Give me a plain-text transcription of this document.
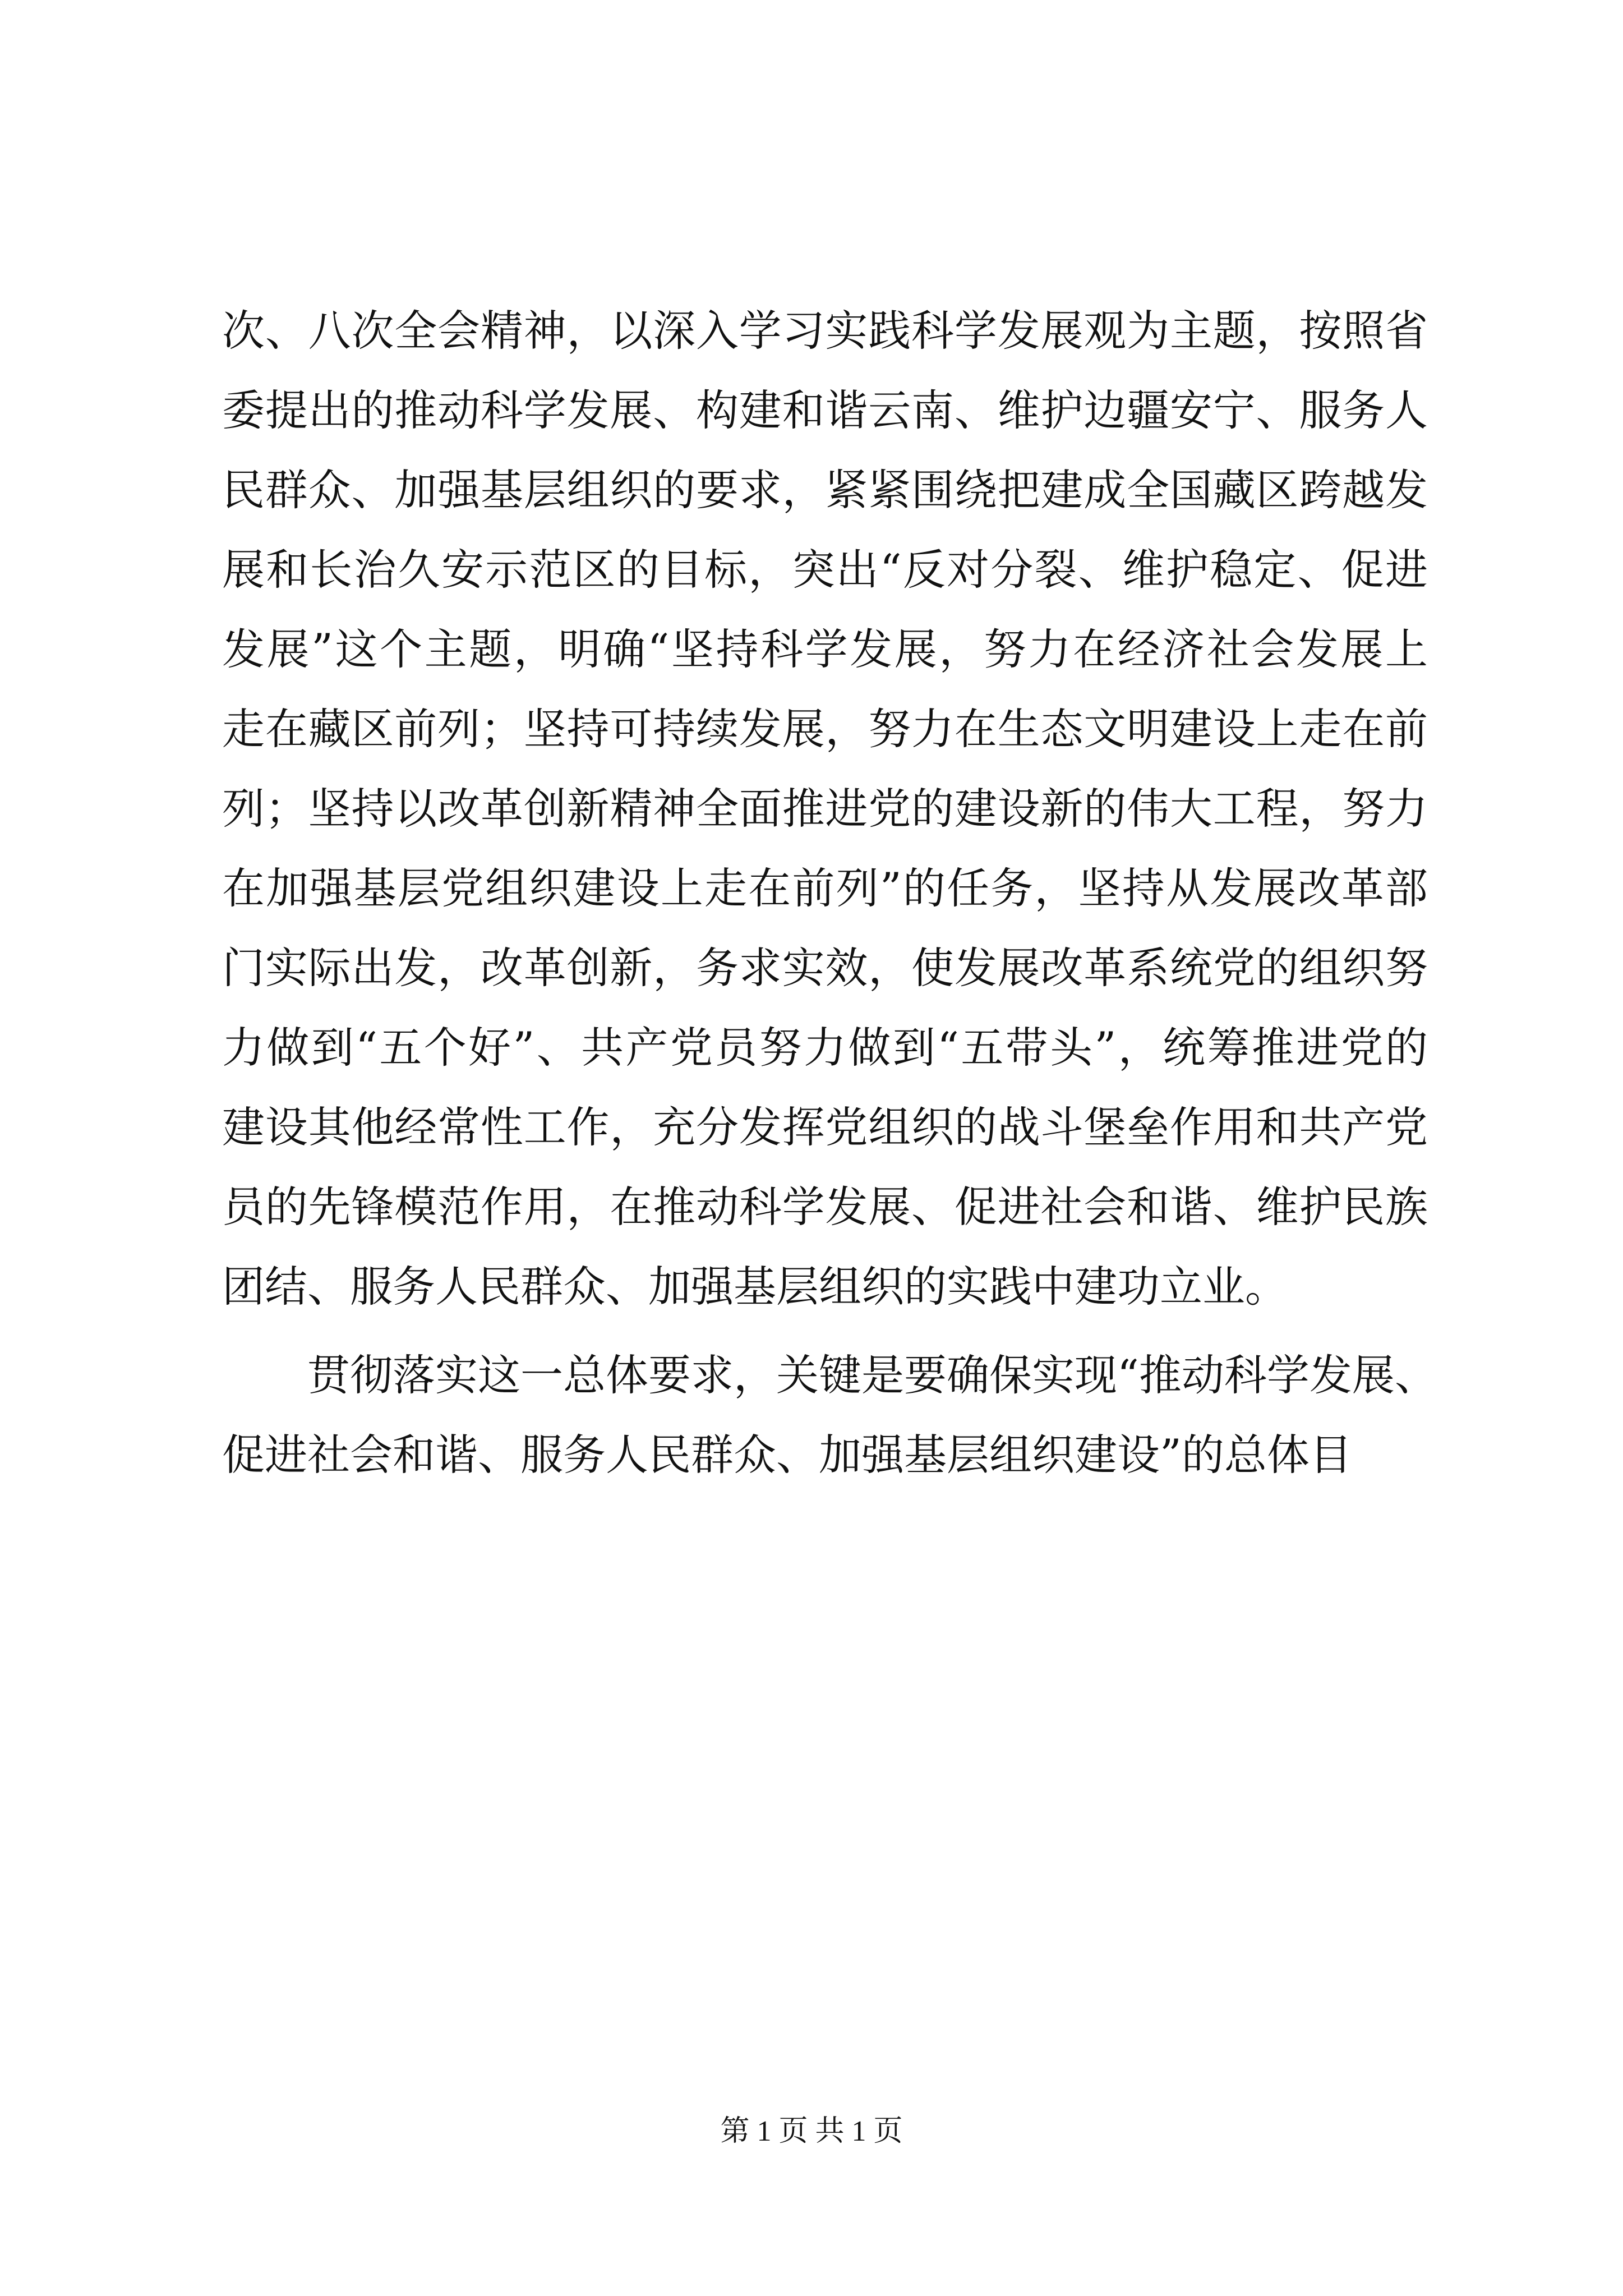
次、八次全会精神，以深入学习实践科学发展观为主题，按照省
委提出的推动科学发展、构建和谐云南、维护边疆安宁、服务人
民群众、加强基层组织的要求，紧紧围绕把建成全国藏区跨越发
展和长治久安示范区的目标，突出“反对分裂、维护稳定、促进
发展”这个主题，明确“坚持科学发展，努力在经济社会发展上
走在藏区前列；坚持可持续发展，努力在生态文明建设上走在前
列；坚持以改革创新精神全面推进党的建设新的伟大工程，努力
在加强基层党组织建设上走在前列”的任务，坚持从发展改革部
门实际出发，改革创新，务求实效，使发展改革系统党的组织努
力做到“五个好”、共产党员努力做到“五带头”，统筹推进党的
建设其他经常性工作，充分发挥党组织的战斗堡垒作用和共产党
员的先锋模范作用，在推动科学发展、促进社会和谐、维护民族
团结、服务人民群众、加强基层组织的实践中建功立业。
贯彻落实这一总体要求，关键是要确保实现“推动科学发展、
促进社会和谐、服务人民群众、加强基层组织建设”的总体目
第 1 页 共 1 页
